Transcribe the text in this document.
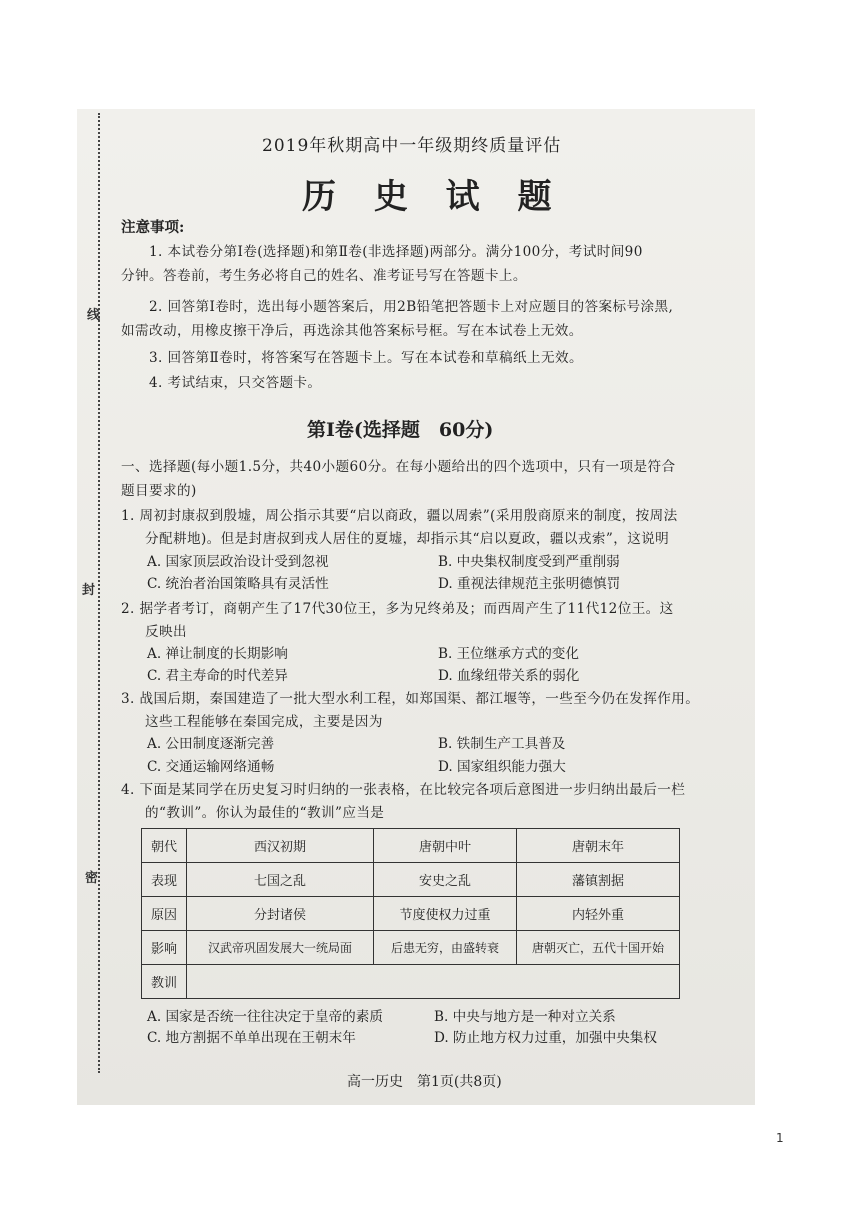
线
封
密
2019年秋期高中一年级期终质量评估
历 史 试 题
注意事项:
1. 本试卷分第Ⅰ卷(选择题)和第Ⅱ卷(非选择题)两部分。满分100分，考试时间90
分钟。答卷前，考生务必将自己的姓名、准考证号写在答题卡上。
2. 回答第Ⅰ卷时，选出每小题答案后，用2B铅笔把答题卡上对应题目的答案标号涂黑,
如需改动，用橡皮擦干净后，再选涂其他答案标号框。写在本试卷上无效。
3. 回答第Ⅱ卷时，将答案写在答题卡上。写在本试卷和草稿纸上无效。
4. 考试结束，只交答题卡。
第Ⅰ卷(选择题　60分)
一、选择题(每小题1.5分，共40小题60分。在每小题给出的四个选项中，只有一项是符合
题目要求的)
1. 周初封康叔到殷墟，周公指示其要“启以商政，疆以周索”(采用殷商原来的制度，按周法
分配耕地)。但是封唐叔到戎人居住的夏墟，却指示其“启以夏政，疆以戎索”，这说明
A. 国家顶层政治设计受到忽视	B. 中央集权制度受到严重削弱
C. 统治者治国策略具有灵活性	D. 重视法律规范主张明德慎罚
2. 据学者考订，商朝产生了17代30位王，多为兄终弟及；而西周产生了11代12位王。这
反映出
A. 禅让制度的长期影响	B. 王位继承方式的变化
C. 君主寿命的时代差异	D. 血缘纽带关系的弱化
3. 战国后期，秦国建造了一批大型水利工程，如郑国渠、都江堰等，一些至今仍在发挥作用。
这些工程能够在秦国完成，主要是因为
A. 公田制度逐渐完善	B. 铁制生产工具普及
C. 交通运输网络通畅	D. 国家组织能力强大
4. 下面是某同学在历史复习时归纳的一张表格，在比较完各项后意图进一步归纳出最后一栏
的“教训”。你认为最佳的“教训”应当是
朝代	西汉初期	唐朝中叶	唐朝末年
表现	七国之乱	安史之乱	藩镇割据
原因	分封诸侯	节度使权力过重	内轻外重
影响	汉武帝巩固发展大一统局面	后患无穷，由盛转衰	唐朝灭亡，五代十国开始
教训			
A. 国家是否统一往往决定于皇帝的素质	B. 中央与地方是一种对立关系
C. 地方割据不单单出现在王朝末年	D. 防止地方权力过重，加强中央集权
高一历史　第1页(共8页)
1
